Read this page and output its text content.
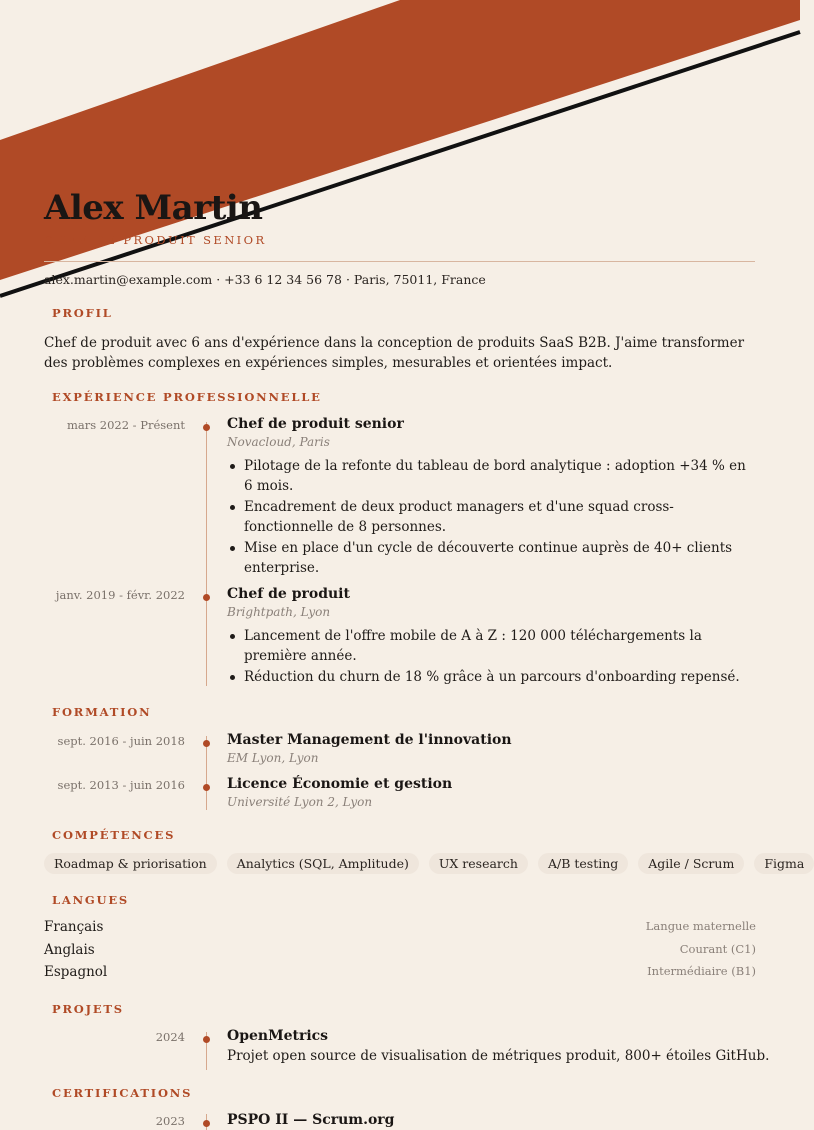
Alex Martin
CHEF DE PRODUIT SENIOR
alex.martin@example.com · +33 6 12 34 56 78 · Paris, 75011, France
PROFIL
Chef de produit avec 6 ans d'expérience dans la conception de produits SaaS B2B. J'aime transformer des problèmes complexes en expériences simples, mesurables et orientées impact.
EXPÉRIENCE PROFESSIONNELLE
mars 2022 - Présent	Chef de produit senior
Novacloud, Paris
Pilotage de la refonte du tableau de bord analytique : adoption +34 % en 6 mois.
Encadrement de deux product managers et d'une squad cross-fonctionnelle de 8 personnes.
Mise en place d'un cycle de découverte continue auprès de 40+ clients enterprise.
janv. 2019 - févr. 2022	Chef de produit
Brightpath, Lyon
Lancement de l'offre mobile de A à Z : 120 000 téléchargements la première année.
Réduction du churn de 18 % grâce à un parcours d'onboarding repensé.
FORMATION
sept. 2016 - juin 2018	Master Management de l'innovation
EM Lyon, Lyon
sept. 2013 - juin 2016	Licence Économie et gestion
Université Lyon 2, Lyon
COMPÉTENCES
Roadmap & priorisation	Analytics (SQL, Amplitude)	UX research	A/B testing	Agile / Scrum	Figma
LANGUES
Français	Langue maternelle
Anglais	Courant (C1)
Espagnol	Intermédiaire (B1)
PROJETS
2024	OpenMetrics
Projet open source de visualisation de métriques produit, 800+ étoiles GitHub.
CERTIFICATIONS
2023	PSPO II — Scrum.org
